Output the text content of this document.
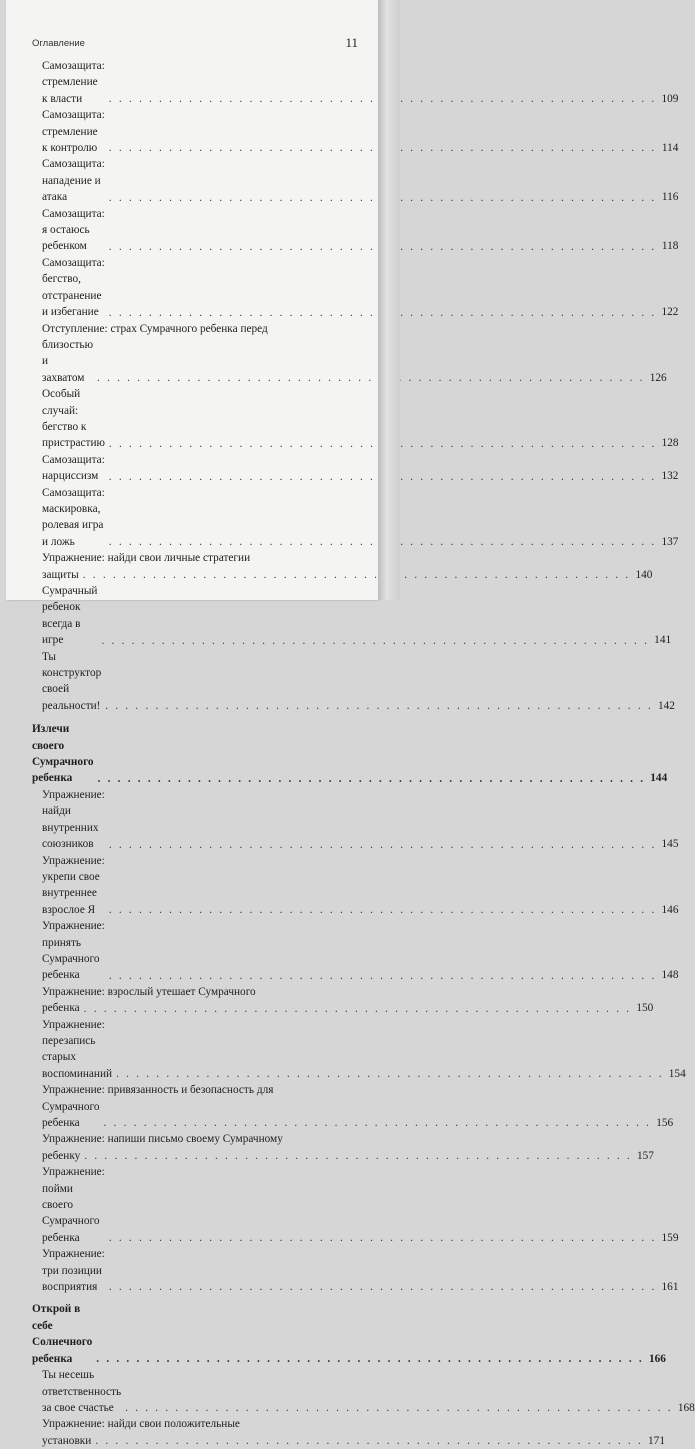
Оглавление	11
Самозащита: стремление к власти . . .	109
Самозащита: стремление к контролю . . .	114
Самозащита: нападение и атака . . .	116
Самозащита: я остаюсь ребенком . . .	118
Самозащита: бегство, отстранение и избегание . . .	122
Отступление: страх Сумрачного ребенка перед
близостью и захватом . . .	126
Особый случай: бегство к пристрастию . . .	128
Самозащита: нарциссизм . . .	132
Самозащита: маскировка, ролевая игра и ложь . . .	137
Упражнение: найди свои личные стратегии
защиты . . .	140
Сумрачный ребенок всегда в игре . . .	141
Ты конструктор своей реальности! . . .	142
Излечи своего Сумрачного ребенка . . .	144
Упражнение: найди внутренних союзников . . .	145
Упражнение: укрепи свое внутреннее взрослое Я . . .	146
Упражнение: принять Сумрачного ребенка . . .	148
Упражнение: взрослый утешает Сумрачного
ребенка . . .	150
Упражнение: перезапись старых воспоминаний . . .	154
Упражнение: привязанность и безопасность для
Сумрачного ребенка . . .	156
Упражнение: напиши письмо своему Сумрачному
ребенку . . .	157
Упражнение: пойми своего Сумрачного ребенка . . .	159
Упражнение: три позиции восприятия . . .	161
Открой в себе Солнечного ребенка . . .	166
Ты несешь ответственность за свое счастье . . .	168
Упражнение: найди свои положительные
установки . . .	171
